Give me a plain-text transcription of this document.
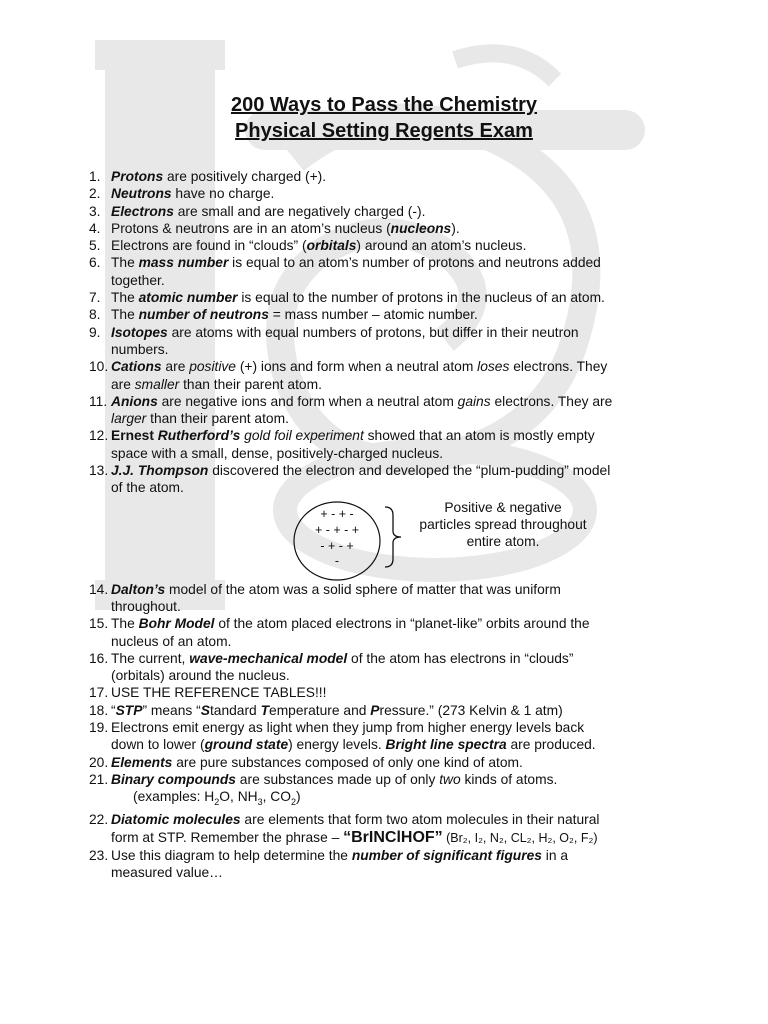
200 Ways to Pass the Chemistry
Physical Setting Regents Exam
1. Protons are positively charged (+).
2. Neutrons have no charge.
3. Electrons are small and are negatively charged (-).
4. Protons & neutrons are in an atom’s nucleus (nucleons).
5. Electrons are found in “clouds” (orbitals) around an atom’s nucleus.
6. The mass number is equal to an atom’s number of protons and neutrons added
together.
7. The atomic number is equal to the number of protons in the nucleus of an atom.
8. The number of neutrons = mass number – atomic number.
9. Isotopes are atoms with equal numbers of protons, but differ in their neutron
numbers.
10. Cations are positive (+) ions and form when a neutral atom loses electrons. They
are smaller than their parent atom.
11. Anions are negative ions and form when a neutral atom gains electrons. They are
larger than their parent atom.
12. Ernest Rutherford’s gold foil experiment showed that an atom is mostly empty
space with a small, dense, positively-charged nucleus.
13. J.J. Thompson discovered the electron and developed the “plum-pudding” model
of the atom.
+ - + -
+ - + - +
- + - +
-
Positive & negative
particles spread throughout
entire atom.
14. Dalton’s model of the atom was a solid sphere of matter that was uniform
throughout.
15. The Bohr Model of the atom placed electrons in “planet-like” orbits around the
nucleus of an atom.
16. The current, wave-mechanical model of the atom has electrons in “clouds”
(orbitals) around the nucleus.
17. USE THE REFERENCE TABLES!!!
18. “STP” means “Standard Temperature and Pressure.” (273 Kelvin & 1 atm)
19. Electrons emit energy as light when they jump from higher energy levels back
down to lower (ground state) energy levels. Bright line spectra are produced.
20. Elements are pure substances composed of only one kind of atom.
21. Binary compounds are substances made up of only two kinds of atoms.
(examples: $H_2O$, $NH_3$, $CO_2$)
22. Diatomic molecules are elements that form two atom molecules in their natural
form at STP. Remember the phrase – “BrINClHOF” (Br₂, I₂, N₂, CL₂, H₂, O₂, F₂)
23. Use this diagram to help determine the number of significant figures in a
measured value…
